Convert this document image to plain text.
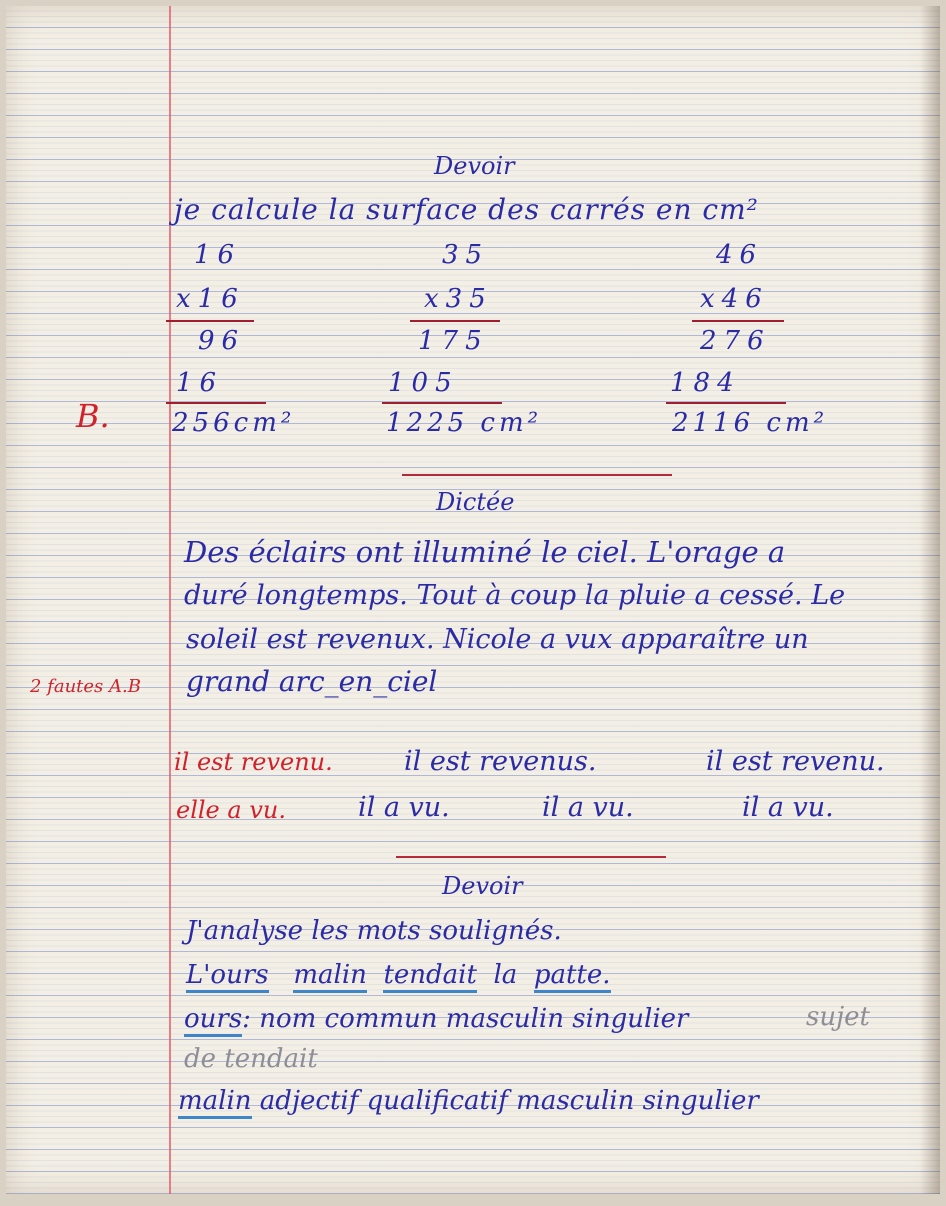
Devoir
je calcule la surface des carrés en cm²
16
x16
96
16
256cm²
35
x35
175
105
1225 cm²
46
x46
276
184
2116 cm²
B.
Dictée
Des éclairs ont illuminé le ciel. L'orage a
duré longtemps. Tout à coup la pluie a cessé. Le
soleil est revenux. Nicole a vux apparaître un
grand arc_en_ciel
2 fautes A.B
il est revenu.	il est revenus.	il est revenu.
elle a vu.	il a vu.	il a vu.	il a vu.
Devoir
J'analyse les mots soulignés.
L'ours malin tendait la patte.
ours: nom commun masculin singulier	sujet
de tendait
malin adjectif qualificatif masculin singulier
